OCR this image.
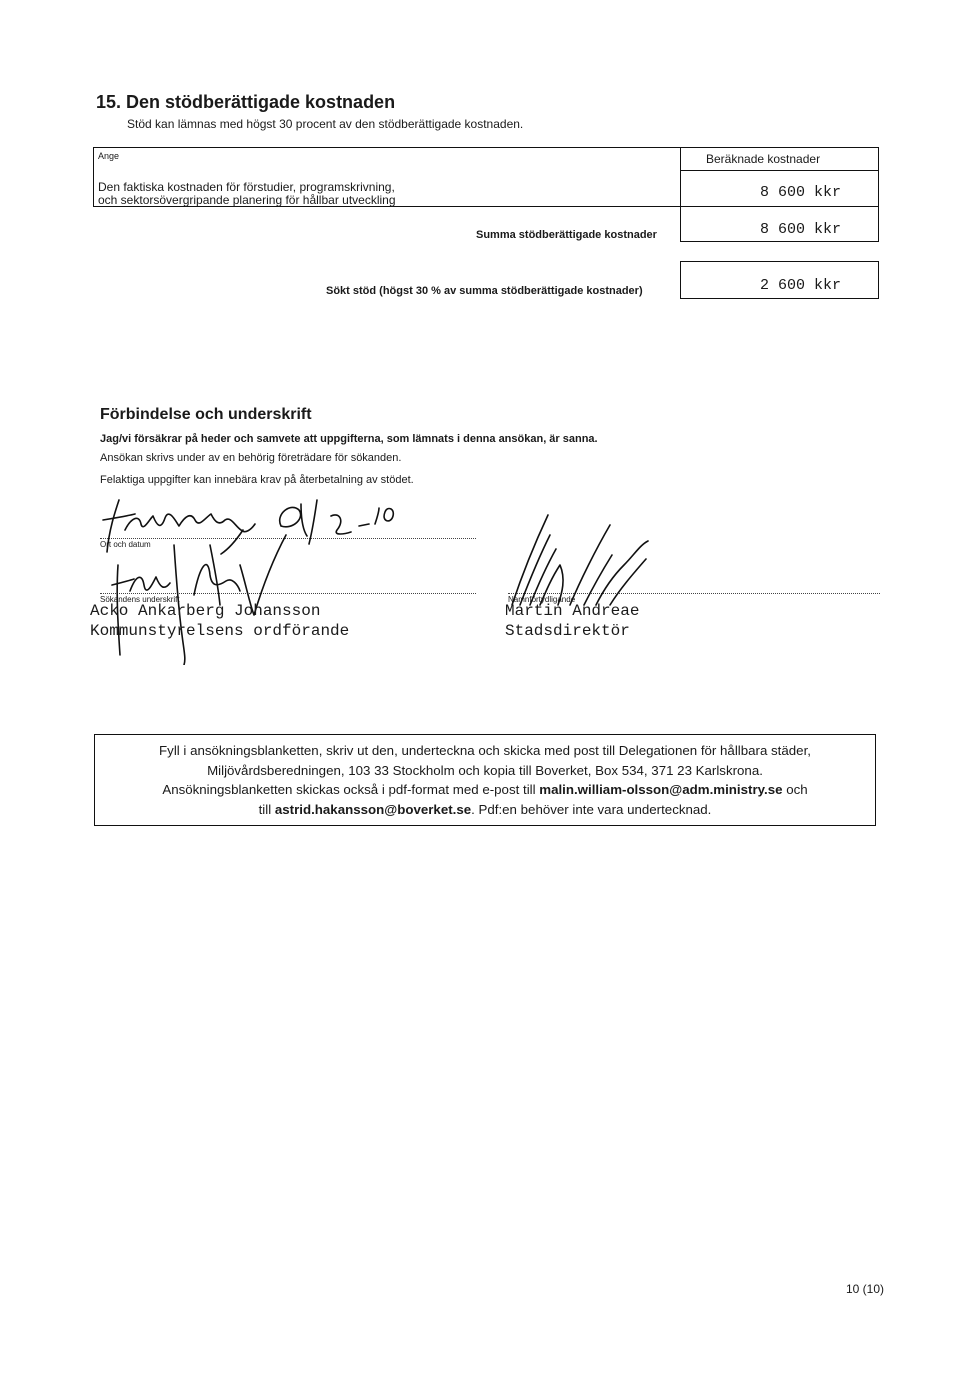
15. Den stödberättigade kostnaden
Stöd kan lämnas med högst 30 procent av den stödberättigade kostnaden.
Ange	Beräknade kostnader
Den faktiska kostnaden för förstudier, programskrivning,
och sektorsövergripande planering för hållbar utveckling	8 600 kkr
Summa stödberättigade kostnader	8 600 kkr
Sökt stöd (högst 30 % av summa stödberättigade kostnader)	2 600 kkr
Förbindelse och underskrift
Jag/vi försäkrar på heder och samvete att uppgifterna, som lämnats i denna ansökan, är sanna.
Ansökan skrivs under av en behörig företrädare för sökanden.
Felaktiga uppgifter kan innebära krav på återbetalning av stödet.
Ort och datum
Sökandens underskrift	Namnförtydligande
Acko Ankarberg Johansson
Kommunstyrelsens ordförande
Martin Andreae
Stadsdirektör
Fyll i ansökningsblanketten, skriv ut den, underteckna och skicka med post till Delegationen för hållbara städer,
Miljövårdsberedningen, 103 33 Stockholm och kopia till Boverket, Box 534, 371 23 Karlskrona.
Ansökningsblanketten skickas också i pdf-format med e-post till malin.william-olsson@adm.ministry.se och
till astrid.hakansson@boverket.se. Pdf:en behöver inte vara undertecknad.
10 (10)
